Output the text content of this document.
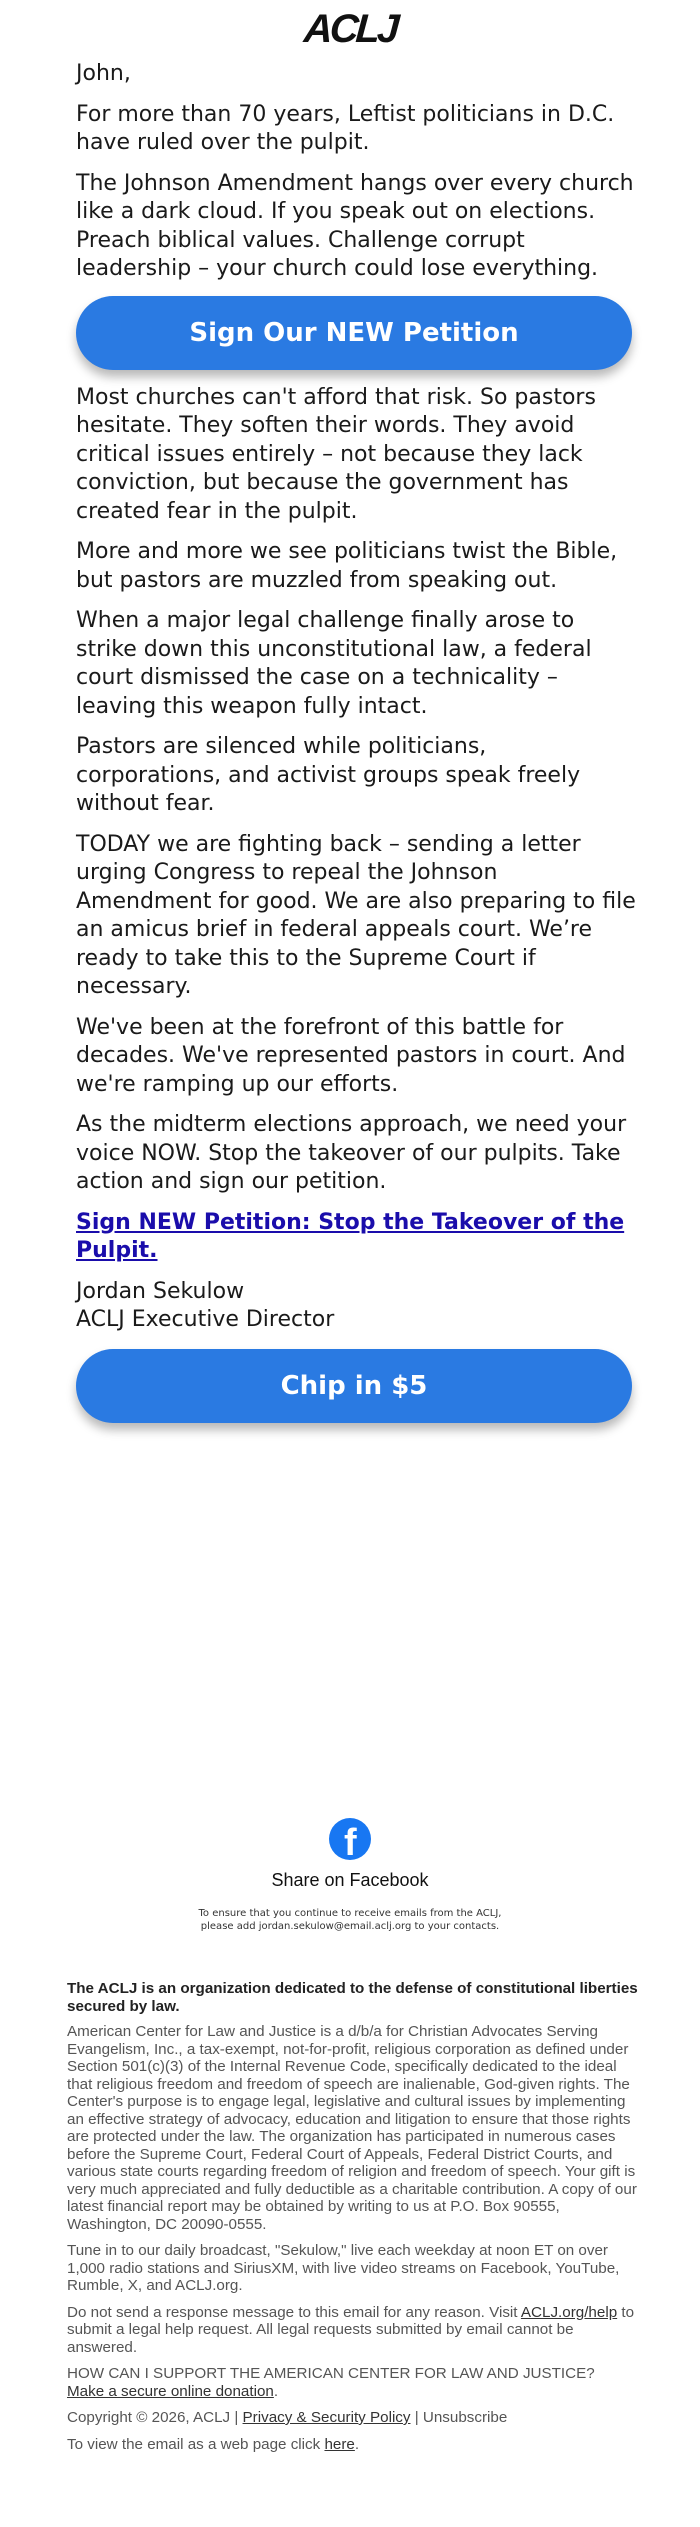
ACLJ

John,

For more than 70 years, Leftist politicians in D.C. have ruled over the pulpit.

The Johnson Amendment hangs over every church like a dark cloud. If you speak out on elections. Preach biblical values. Challenge corrupt leadership – your church could lose everything.

Sign Our NEW Petition

Most churches can't afford that risk. So pastors hesitate. They soften their words. They avoid critical issues entirely – not because they lack conviction, but because the government has created fear in the pulpit.

More and more we see politicians twist the Bible, but pastors are muzzled from speaking out.

When a major legal challenge finally arose to strike down this unconstitutional law, a federal court dismissed the case on a technicality – leaving this weapon fully intact.

Pastors are silenced while politicians, corporations, and activist groups speak freely without fear.

TODAY we are fighting back – sending a letter urging Congress to repeal the Johnson Amendment for good. We are also preparing to file an amicus brief in federal appeals court. We’re ready to take this to the Supreme Court if necessary.

We've been at the forefront of this battle for decades. We've represented pastors in court. And we're ramping up our efforts.

As the midterm elections approach, we need your voice NOW. Stop the takeover of our pulpits. Take action and sign our petition.

Sign NEW Petition: Stop the Takeover of the Pulpit.
Jordan Sekulow
ACLJ Executive Director
Chip in $5
f
Share on Facebook
To ensure that you continue to receive emails from the ACLJ,
please add jordan.sekulow@email.aclj.org to your contacts.

The ACLJ is an organization dedicated to the defense of constitutional liberties secured by law.

American Center for Law and Justice is a d/b/a for Christian Advocates Serving Evangelism, Inc., a tax-exempt, not-for-profit, religious corporation as defined under Section 501(c)(3) of the Internal Revenue Code, specifically dedicated to the ideal that religious freedom and freedom of speech are inalienable, God-given rights. The Center's purpose is to engage legal, legislative and cultural issues by implementing an effective strategy of advocacy, education and litigation to ensure that those rights are protected under the law. The organization has participated in numerous cases before the Supreme Court, Federal Court of Appeals, Federal District Courts, and various state courts regarding freedom of religion and freedom of speech. Your gift is very much appreciated and fully deductible as a charitable contribution. A copy of our latest financial report may be obtained by writing to us at P.O. Box 90555, Washington, DC 20090-0555.

Tune in to our daily broadcast, "Sekulow," live each weekday at noon ET on over 1,000 radio stations and SiriusXM, with live video streams on Facebook, YouTube, Rumble, X, and ACLJ.org.

Do not send a response message to this email for any reason. Visit ACLJ.org/help to submit a legal help request. All legal requests submitted by email cannot be answered.

HOW CAN I SUPPORT THE AMERICAN CENTER FOR LAW AND JUSTICE?
Make a secure online donation.

Copyright © 2026, ACLJ | Privacy & Security Policy | Unsubscribe

To view the email as a web page click here.
